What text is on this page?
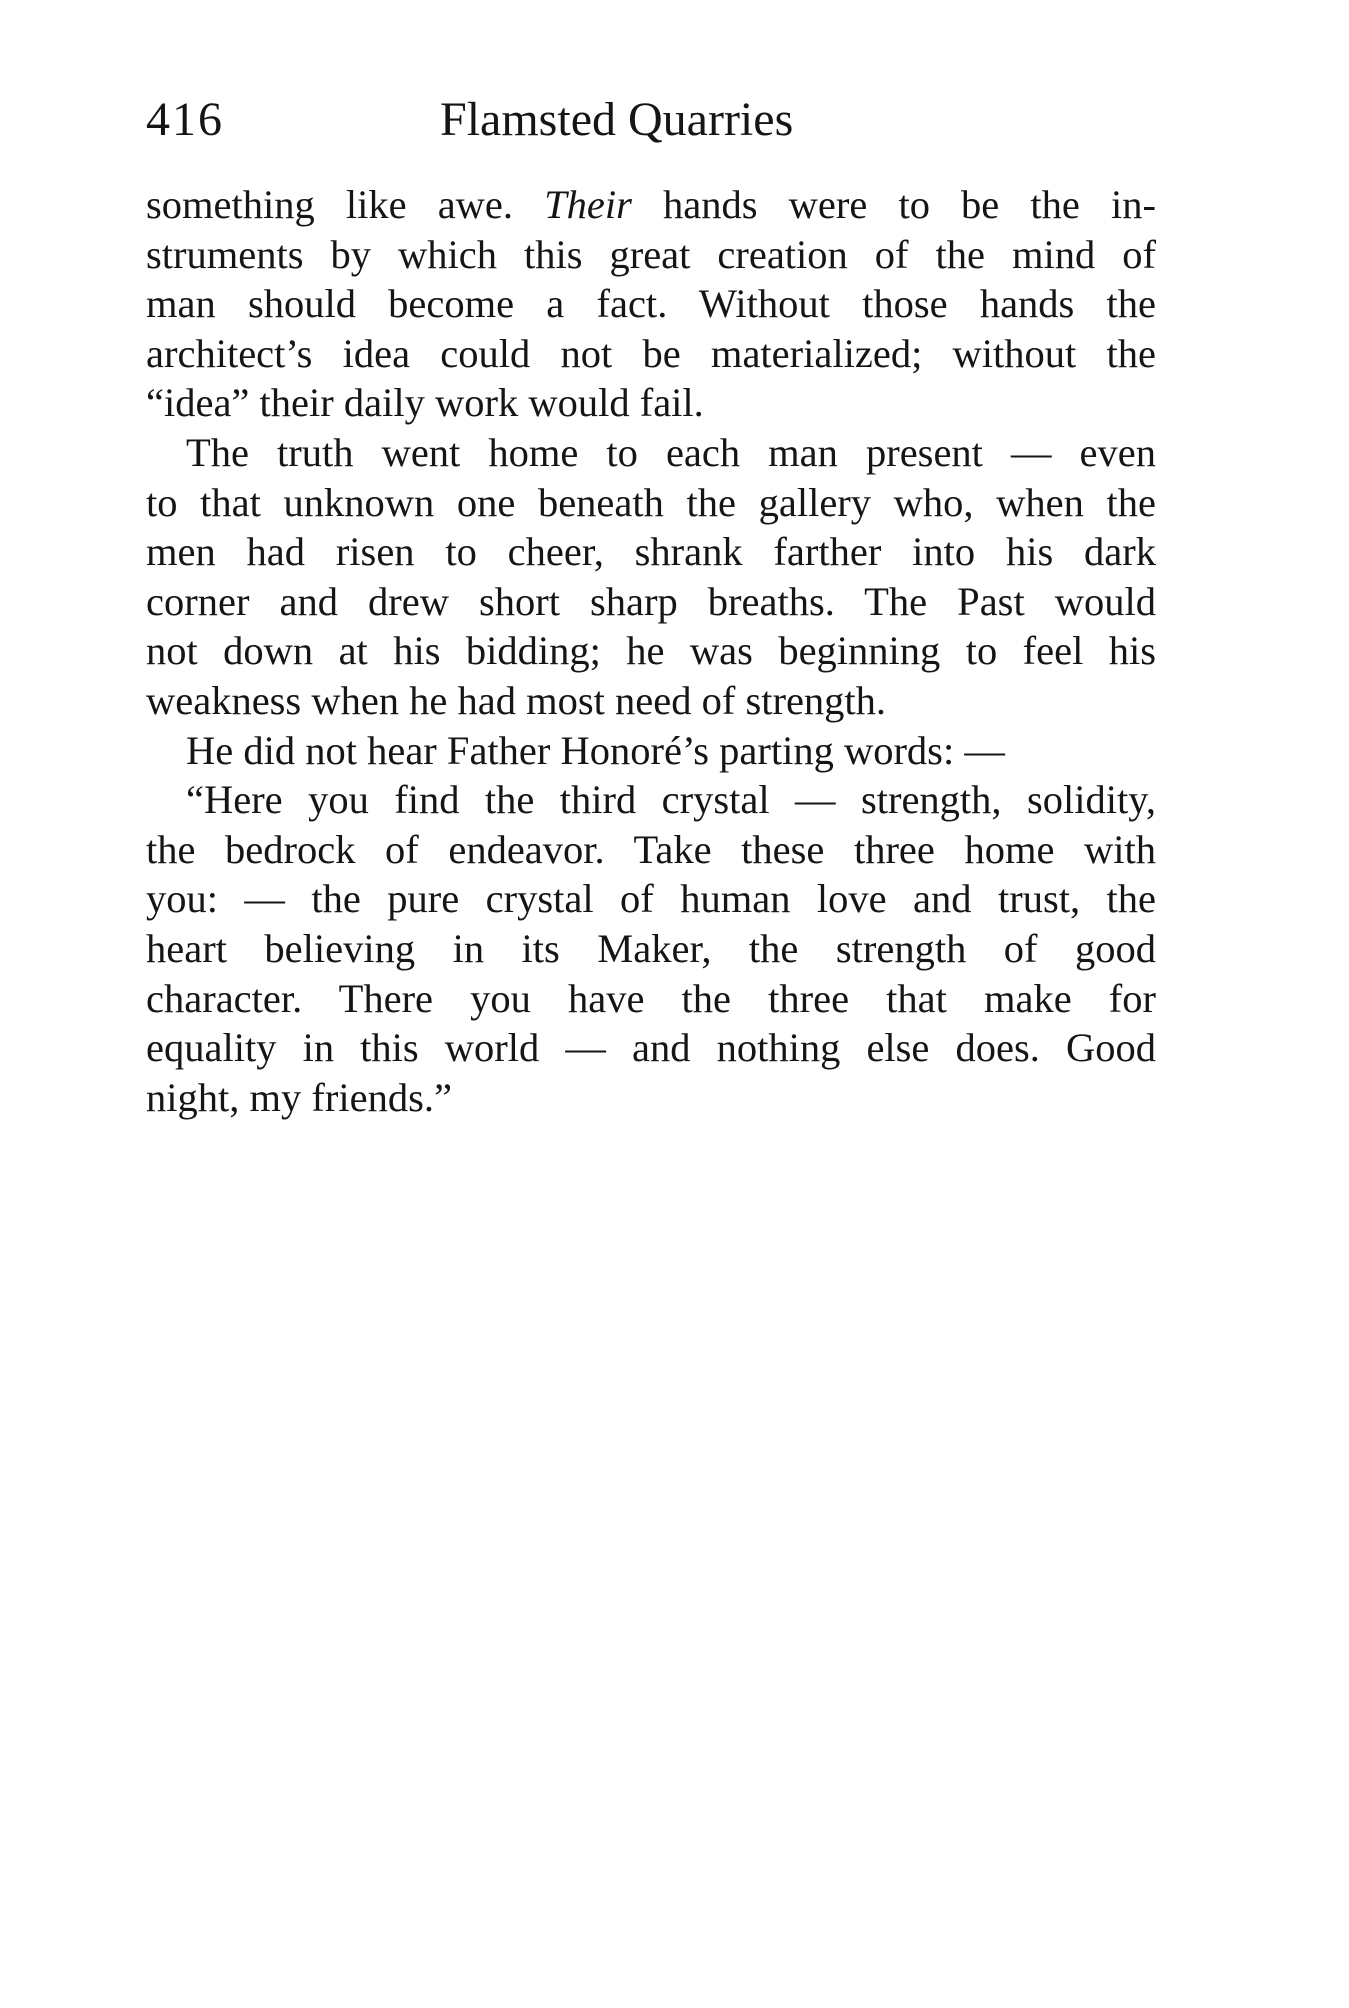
416	Flamsted Quarries
something like awe. Their hands were to be the in-
struments by which this great creation of the mind of
man should become a fact. Without those hands the
architect’s idea could not be materialized; without the
“idea” their daily work would fail.
The truth went home to each man present — even
to that unknown one beneath the gallery who, when the
men had risen to cheer, shrank farther into his dark
corner and drew short sharp breaths. The Past would
not down at his bidding; he was beginning to feel his
weakness when he had most need of strength.
He did not hear Father Honoré’s parting words: —
“Here you find the third crystal — strength, solidity,
the bedrock of endeavor. Take these three home with
you: — the pure crystal of human love and trust, the
heart believing in its Maker, the strength of good
character. There you have the three that make for
equality in this world — and nothing else does. Good
night, my friends.”
